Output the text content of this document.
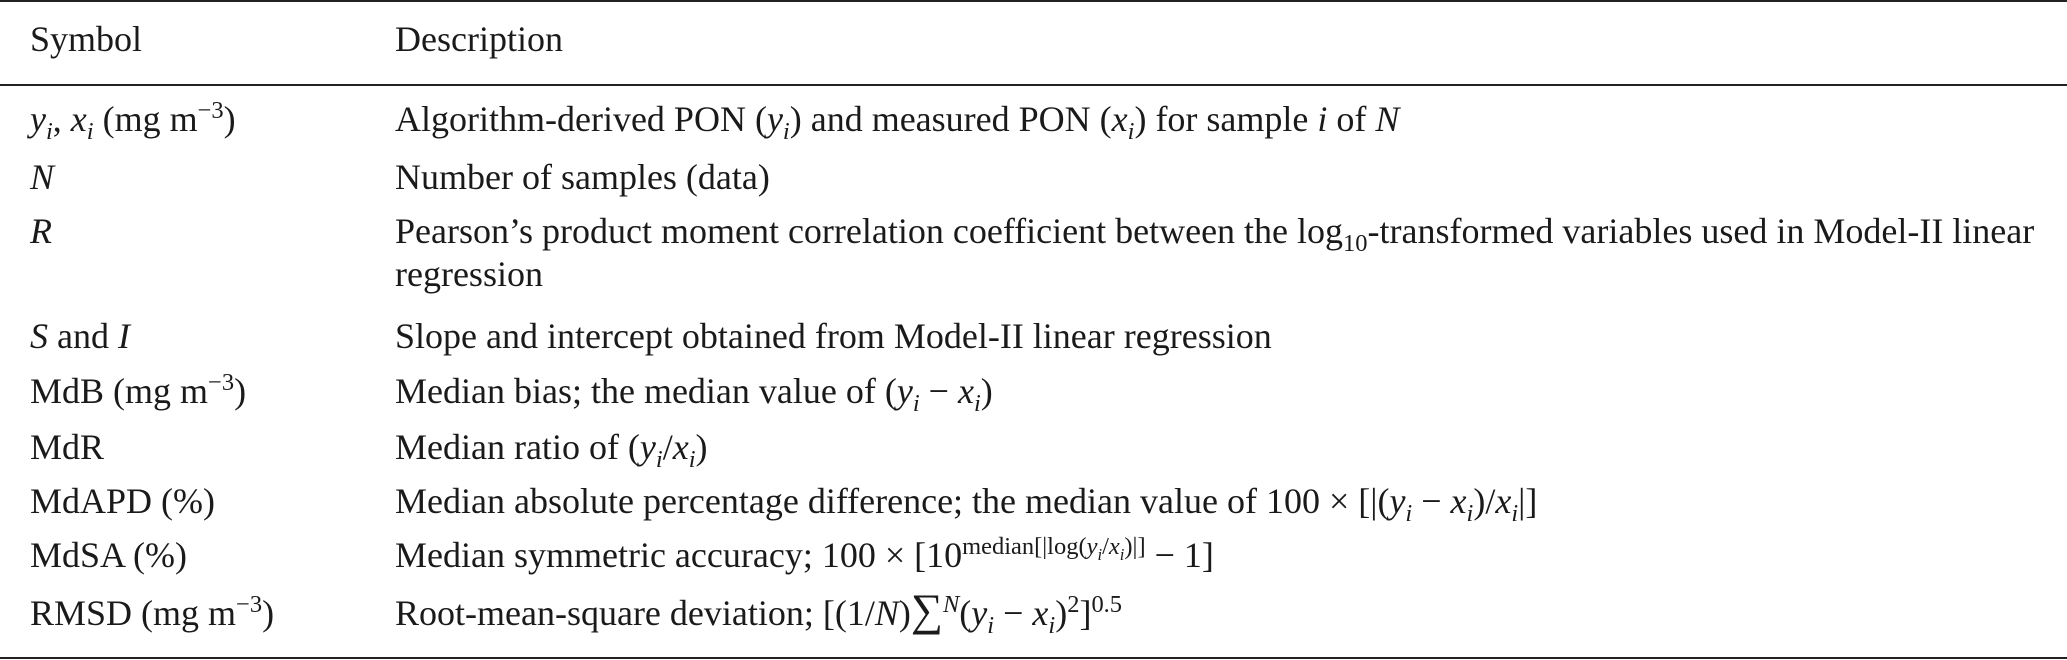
Symbol	Description
$y_i$, $x_i$ (mg $m^{-3}$)	Algorithm-derived PON $(y_i)$ and measured PON $(x_i)$ for sample i of N
N	Number of samples (data)
R	Pearson’s product moment correlation coefficient between the $\log_{10}$-transformed variables used in Model-II linear regression
S and I	Slope and intercept obtained from Model-II linear regression
MdB (mg $m^{-3}$)	Median bias; the median value of $(y_i - x_i)$
MdR	Median ratio of $(y_i/x_i)$
MdAPD (%)	Median absolute percentage difference; the median value of $100 \times [|(y_i - x_i)/x_i|]$
MdSA (%)	Median symmetric accuracy; $100 \times [10^{median[|log(y_i/x_i)|]} - 1]$
RMSD (mg $m^{-3}$)	Root-mean-square deviation; $[(1/N)\sum^N(y_i - x_i)^2]^{0.5}$
